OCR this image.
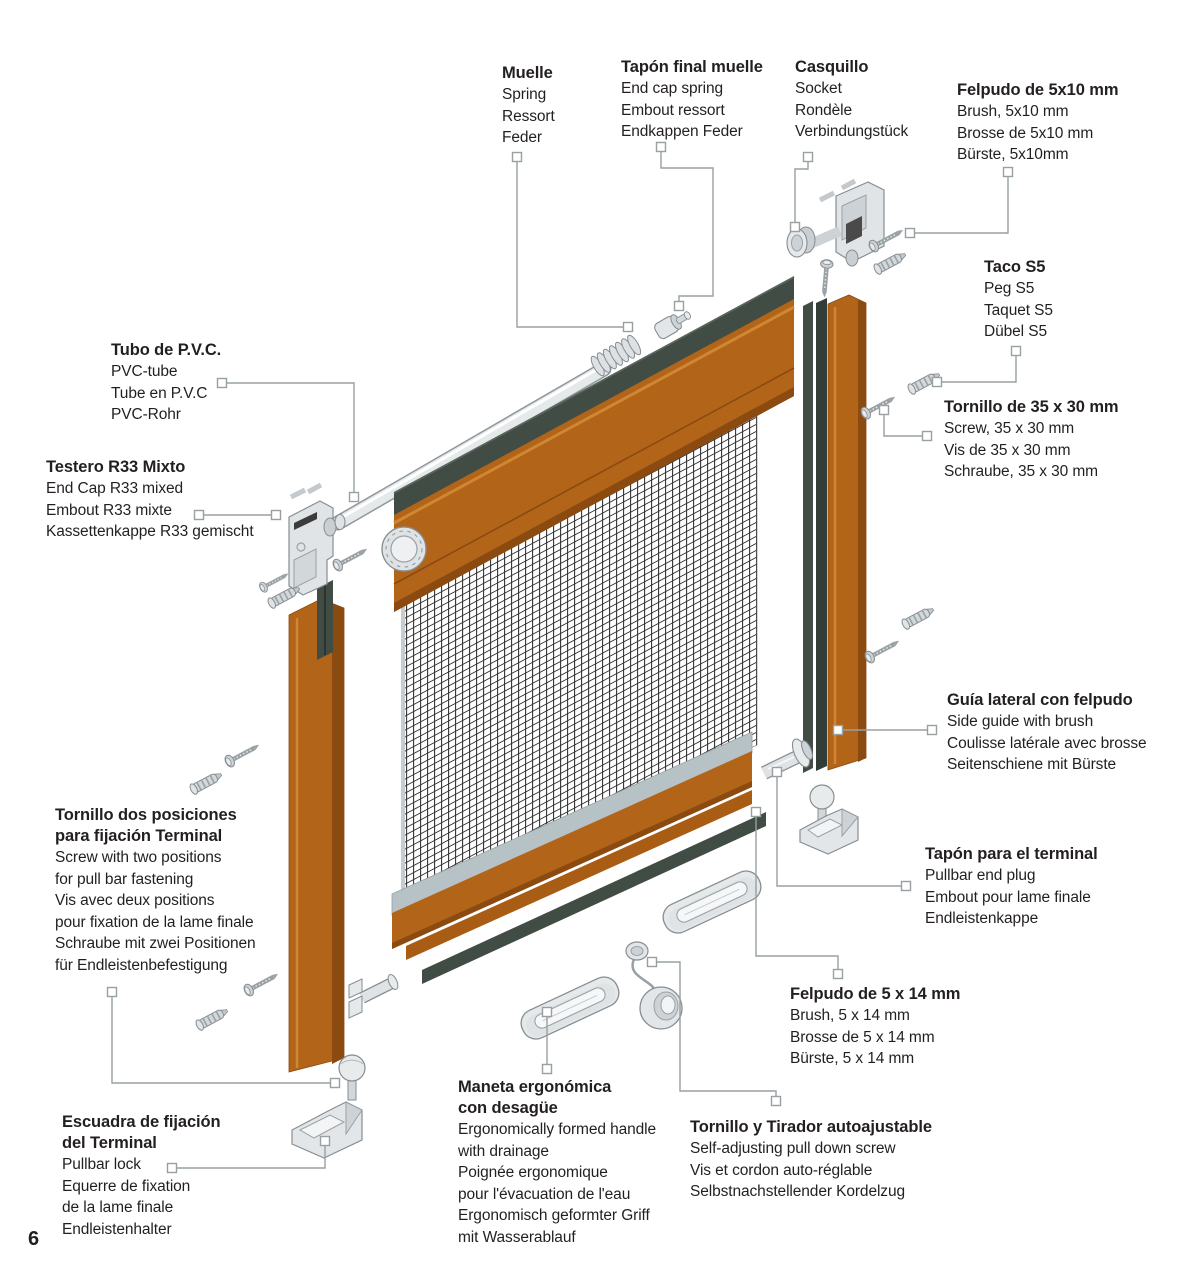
Muelle
Spring
Ressort
Feder
Tapón final muelle
End cap spring
Embout ressort
Endkappen Feder
Casquillo
Socket
Rondèle
Verbindungstück
Felpudo de 5x10 mm
Brush, 5x10 mm
Brosse de 5x10 mm
Bürste, 5x10mm
Taco S5
Peg S5
Taquet S5
Dübel S5
Tornillo de 35 x 30 mm
Screw, 35 x 30 mm
Vis de 35 x 30 mm
Schraube, 35 x 30 mm
Tubo de P.V.C.
PVC-tube
Tube en P.V.C
PVC-Rohr
Testero R33 Mixto
End Cap R33 mixed
Embout R33 mixte
Kassettenkappe R33 gemischt
Guía lateral con felpudo
Side guide with brush
Coulisse latérale avec brosse
Seitenschiene mit Bürste
Tapón para el terminal
Pullbar end plug
Embout pour lame finale
Endleistenkappe
Tornillo dos posiciones
para fijación Terminal
Screw with two positions
for pull bar fastening
Vis avec deux positions
pour fixation de la lame finale
Schraube mit zwei Positionen
für Endleistenbefestigung
Escuadra de fijación
del Terminal
Pullbar lock
Equerre de fixation
de la lame finale
Endleistenhalter
Maneta ergonómica
con desagüe
Ergonomically formed handle
with drainage
Poignée ergonomique
pour l'évacuation de l'eau
Ergonomisch geformter Griff
mit Wasserablauf
Tornillo y Tirador autoajustable
Self-adjusting pull down screw
Vis et cordon auto-réglable
Selbstnachstellender Kordelzug
Felpudo de 5 x 14 mm
Brush, 5 x 14 mm
Brosse de 5 x 14 mm
Bürste, 5 x 14 mm
6
